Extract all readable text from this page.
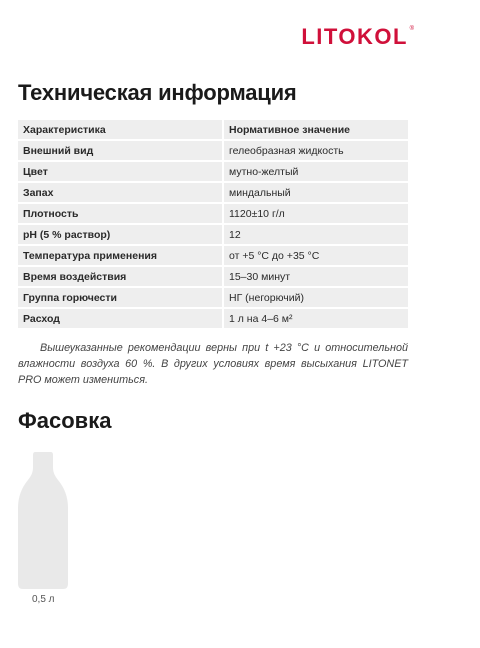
LITOKOL ®
Техническая информация
Характеристика	Нормативное значение
Внешний вид	гелеобразная жидкость
Цвет	мутно-желтый
Запах	миндальный
Плотность	1120±10 г/л
pH (5 % раствор)	12
Температура применения	от +5 °С до +35 °С
Время воздействия	15–30 минут
Группа горючести	НГ (негорючий)
Расход	1 л на 4–6 м²

Вышеуказанные рекомендации верны при t +23 °С и относительной влажности воздуха 60 %. В других условиях время высыхания LITONET PRO может измениться.

Фасовка
0,5 л
